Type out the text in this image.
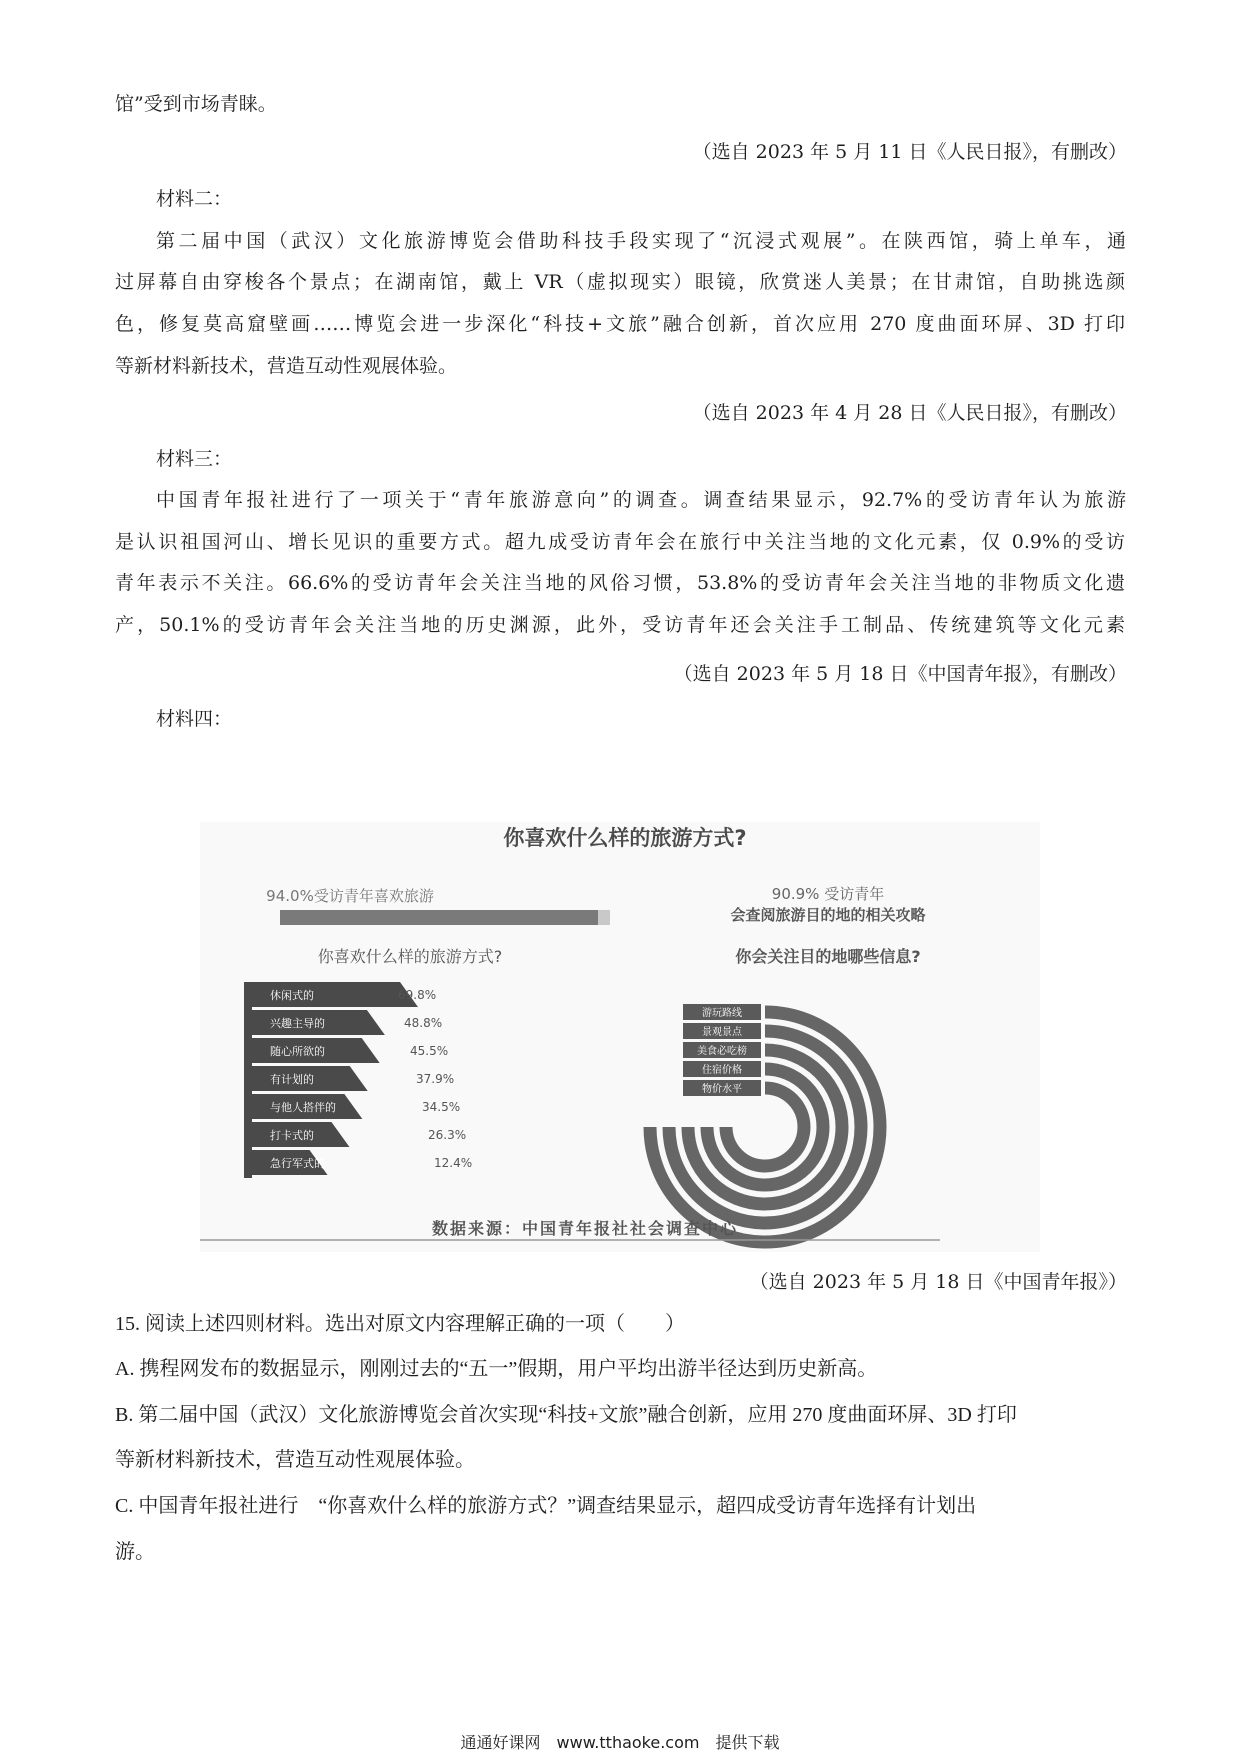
馆”受到市场青睐。
（选自 2023 年 5 月 11 日《人民日报》，有删改）
材料二：
第二届中国（武汉）文化旅游博览会借助科技手段实现了“沉浸式观展”。在陕西馆，骑上单车，通
过屏幕自由穿梭各个景点；在湖南馆，戴上 VR（虚拟现实）眼镜，欣赏迷人美景；在甘肃馆，自助挑选颜
色，修复莫高窟壁画……博览会进一步深化“科技+文旅”融合创新，首次应用 270 度曲面环屏、3D 打印
等新材料新技术，营造互动性观展体验。
（选自 2023 年 4 月 28 日《人民日报》，有删改）
材料三：
中国青年报社进行了一项关于“青年旅游意向”的调查。调查结果显示，92.7%的受访青年认为旅游
是认识祖国河山、增长见识的重要方式。超九成受访青年会在旅行中关注当地的文化元素，仅 0.9%的受访
青年表示不关注。66.6%的受访青年会关注当地的风俗习惯，53.8%的受访青年会关注当地的非物质文化遗
产，50.1%的受访青年会关注当地的历史渊源，此外，受访青年还会关注手工制品、传统建筑等文化元素
（选自 2023 年 5 月 18 日《中国青年报》，有删改）
材料四：
你喜欢什么样的旅游方式?
94.0%受访青年喜欢旅游
你喜欢什么样的旅游方式?
90.9% 受访青年
会查阅旅游目的地的相关攻略
你会关注目的地哪些信息?
休闲式的	69.8%
兴趣主导的	48.8%
随心所欲的	45.5%
有计划的	37.9%
与他人搭伴的	34.5%
打卡式的	26.3%
急行军式的	12.4%
游玩路线
景观景点
美食必吃榜
住宿价格
物价水平
数据来源：中国青年报社社会调查中心
（选自 2023 年 5 月 18 日《中国青年报》）
15. 阅读上述四则材料。选出对原文内容理解正确的一项（　　）
A. 携程网发布的数据显示，刚刚过去的“五一”假期，用户平均出游半径达到历史新高。
B. 第二届中国（武汉）文化旅游博览会首次实现“科技+文旅”融合创新，应用 270 度曲面环屏、3D 打印
等新材料新技术，营造互动性观展体验。
C. 中国青年报社进行　“你喜欢什么样的旅游方式？”调查结果显示，超四成受访青年选择有计划出
游。
通通好课网　www.tthaoke.com　提供下载
